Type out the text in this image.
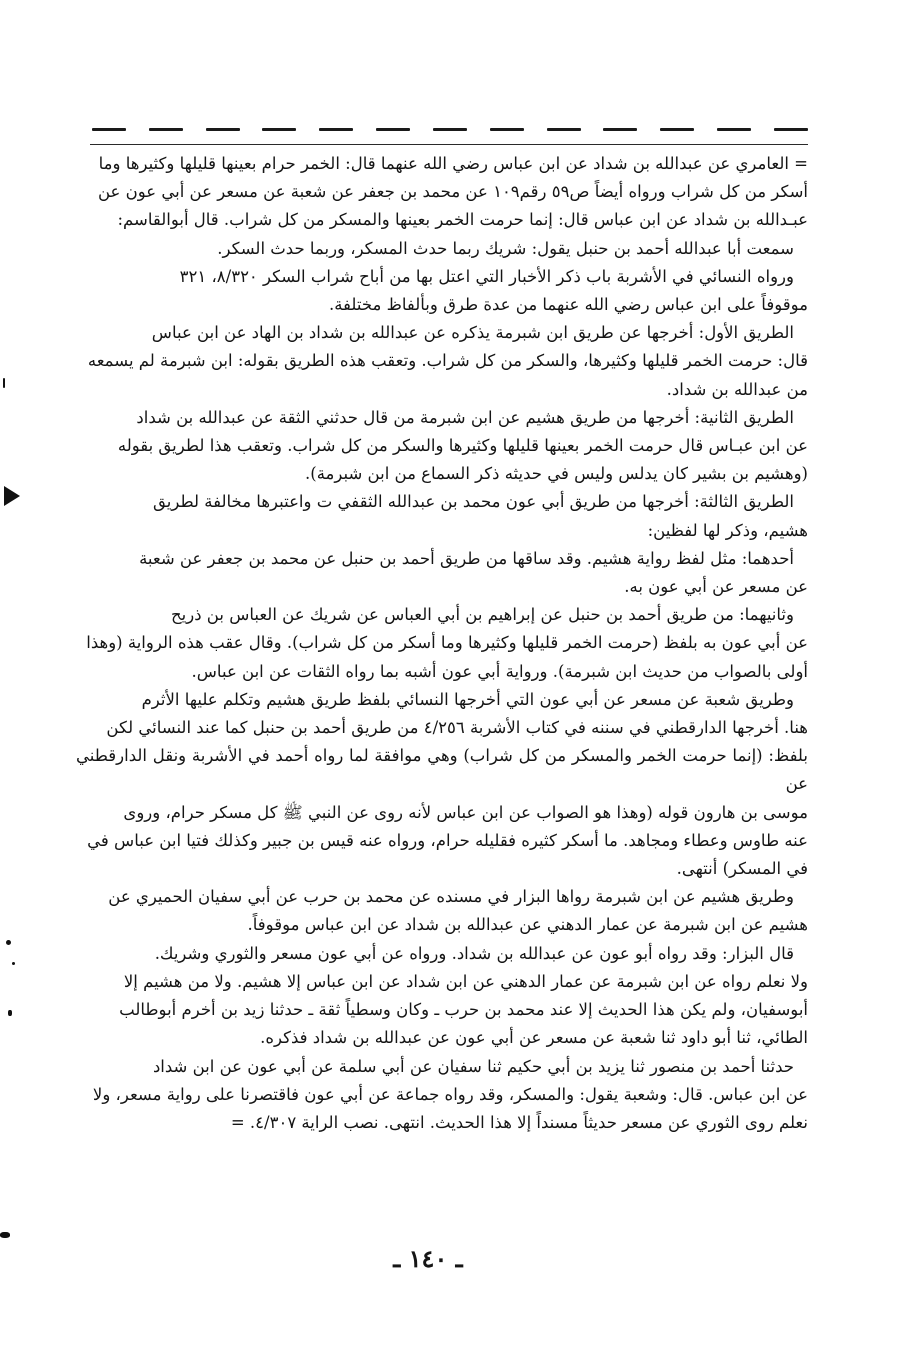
= العامري عن عبدالله بن شداد عن ابن عباس رضي الله عنهما قال: الخمر حرام بعينها قليلها وكثيرها وما

أسكر من كل شراب ورواه أيضاً ص٥٩ رقم١٠٩ عن محمد بن جعفر عن شعبة عن مسعر عن أبي عون عن

عبـدالله بن شداد عن ابن عباس قال: إنما حرمت الخمر بعينها والمسكر من كل شراب. قال أبوالقاسم:

سمعت أبا عبدالله أحمد بن حنبل يقول: شريك ربما حدث المسكر، وربما حدث السكر.

ورواه النسائي في الأشربة باب ذكر الأخبار التي اعتل بها من أباح شراب السكر ٨/٣٢٠، ٣٢١

موقوفاً على ابن عباس رضي الله عنهما من عدة طرق وبألفاظ مختلفة.

الطريق الأول: أخرجها عن طريق ابن شبرمة يذكره عن عبدالله بن شداد بن الهاد عن ابن عباس

قال: حرمت الخمر قليلها وكثيرها، والسكر من كل شراب. وتعقب هذه الطريق بقوله: ابن شبرمة لم يسمعه

من عبدالله بن شداد.

الطريق الثانية: أخرجها من طريق هشيم عن ابن شبرمة من قال حدثني الثقة عن عبدالله بن شداد

عن ابن عبـاس قال حرمت الخمر بعينها قليلها وكثيرها والسكر من كل شراب. وتعقب هذا لطريق بقوله

(وهشيم بن بشير كان يدلس وليس في حديثه ذكر السماع من ابن شبرمة).

الطريق الثالثة: أخرجها من طريق أبي عون محمد بن عبدالله الثقفي ت واعتبرها مخالفة لطريق

هشيم، وذكر لها لفظين:

أحدهما: مثل لفظ رواية هشيم. وقد ساقها من طريق أحمد بن حنبل عن محمد بن جعفر عن شعبة

عن مسعر عن أبي عون به.

وثانيهما: من طريق أحمد بن حنبل عن إبراهيم بن أبي العباس عن شريك عن العباس بن ذريح

عن أبي عون به بلفظ (حرمت الخمر قليلها وكثيرها وما أسكر من كل شراب). وقال عقب هذه الرواية (وهذا

أولى بالصواب من حديث ابن شبرمة). ورواية أبي عون أشبه بما رواه الثقات عن ابن عباس.

وطريق شعبة عن مسعر عن أبي عون التي أخرجها النسائي بلفظ طريق هشيم وتكلم عليها الأثرم

هنا. أخرجها الدارقطني في سننه في كتاب الأشربة ٤/٢٥٦ من طريق أحمد بن حنبل كما عند النسائي لكن

بلفظ: (إنما حرمت الخمر والمسكر من كل شراب) وهي موافقة لما رواه أحمد في الأشربة ونقل الدارقطني عن

موسى بن هارون قوله (وهذا هو الصواب عن ابن عباس لأنه روى عن النبي ﷺ كل مسكر حرام، وروى

عنه طاوس وعطاء ومجاهد. ما أسكر كثيره فقليله حرام، ورواه عنه قيس بن جبير وكذلك فتيا ابن عباس في

في المسكر) أنتهى.

وطريق هشيم عن ابن شبرمة رواها البزار في مسنده عن محمد بن حرب عن أبي سفيان الحميري عن

هشيم عن ابن شبرمة عن عمار الدهني عن عبدالله بن شداد عن ابن عباس موقوفاً.

قال البزار: وقد رواه أبو عون عن عبدالله بن شداد. ورواه عن أبي عون مسعر والثوري وشريك.

ولا نعلم رواه عن ابن شبرمة عن عمار الدهني عن ابن شداد عن ابن عباس إلا هشيم. ولا من هشيم إلا

أبوسفيان، ولم يكن هذا الحديث إلا عند محمد بن حرب ـ وكان وسطياً ثقة ـ حدثنا زيد بن أخرم أبوطالب

الطائي، ثنا أبو داود ثنا شعبة عن مسعر عن أبي عون عن عبدالله بن شداد فذكره.

حدثنا أحمد بن منصور ثنا يزيد بن أبي حكيم ثنا سفيان عن أبي سلمة عن أبي عون عن ابن شداد

عن ابن عباس. قال: وشعبة يقول: والمسكر، وقد رواه جماعة عن أبي عون فاقتصرنا على رواية مسعر، ولا

نعلم روى الثوري عن مسعر حديثاً مسنداً إلا هذا الحديث. انتهى. نصب الراية ٤/٣٠٧. =

ـ ١٤٠ ـ
